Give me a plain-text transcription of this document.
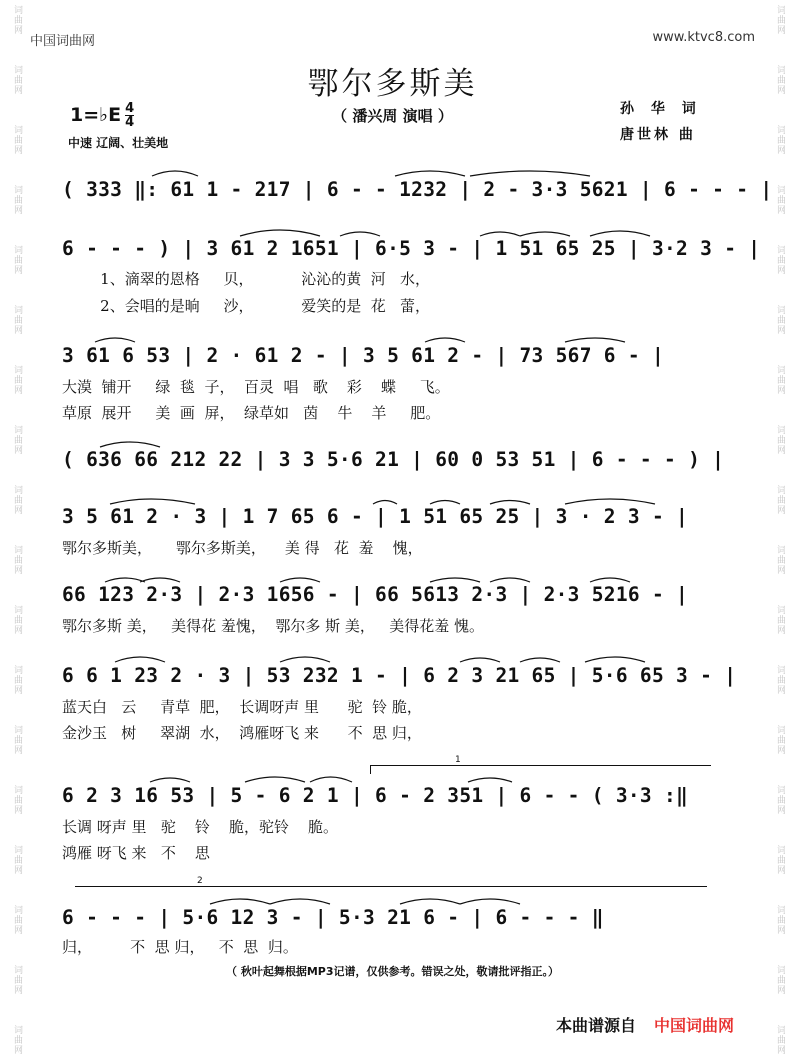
词曲网
词曲网
词曲网
词曲网
词曲网
词曲网
词曲网
词曲网
词曲网
词曲网
词曲网
词曲网
词曲网
词曲网
词曲网
词曲网
词曲网
词曲网
词曲网
词曲网
词曲网
词曲网
词曲网
词曲网
词曲网
词曲网
词曲网
词曲网
词曲网
词曲网
词曲网
词曲网
词曲网
词曲网
词曲网
词曲网
中国词曲网	www.ktvc8.com
鄂尔多斯美
（ 潘兴周 演唱 ）
1=♭E $\frac{4}{4}$
中速 辽阔、壮美地
孙 华 词
唐世林 曲
( 333 ‖: 61 1 - 217 | 6 - - 1232 | 2 - 3·3 5621 | 6 - - - |
6 - - - ) | 3 61 2 1651 | 6·5 3 - | 1 51 65 25 | 3·2 3 - |
1、滴翠的恩格     贝，          沁沁的黄  河   水，
2、会唱的是晌     沙，          爱笑的是  花   蕾，
3 61 6 53 | 2 · 61 2 - | 3 5 61 2 - | 73 567 6 - |
大漠  铺开     绿  毯  子，  百灵  唱   歌    彩    蝶     飞。
草原  展开     美  画  屏，  绿草如   茵    牛    羊     肥。
( 636 66 212 22 | 3 3 5·6 21 | 60 0 53 51 | 6 - - - ) |
3 5 61 2 · 3 | 1 7 65 6 - | 1 51 65 25 | 3 · 2 3 - |
鄂尔多斯美，     鄂尔多斯美，    美 得   花  羞    愧，
66 123 2·3 | 2·3 1656 - | 66 5613 2·3 | 2·3 5216 - |
鄂尔多斯 美，   美得花 羞愧，  鄂尔多 斯 美，   美得花羞 愧。
6 6 1 23 2 · 3 | 53 232 1 - | 6 2 3 21 65 | 5·6 65 3 - |
蓝天白   云     青草  肥，  长调呀声 里      驼  铃 脆，
金沙玉   树     翠湖  水，  鸿雁呀飞 来      不  思 归，
1
6 2 3 16 53 | 5 - 6 2 1 | 6 - 2 351 | 6 - - ( 3·3 :‖
长调 呀声 里   驼    铃    脆，驼铃    脆。
鸿雁 呀飞 来   不    思
2
6 - - - | 5·6 12 3 - | 5·3 21 6 - | 6 - - - ‖
归，        不  思 归，   不  思  归。
（ 秋叶起舞根据MP3记谱，仅供参考。错误之处，敬请批评指正。）
本曲谱源自 中国词曲网
